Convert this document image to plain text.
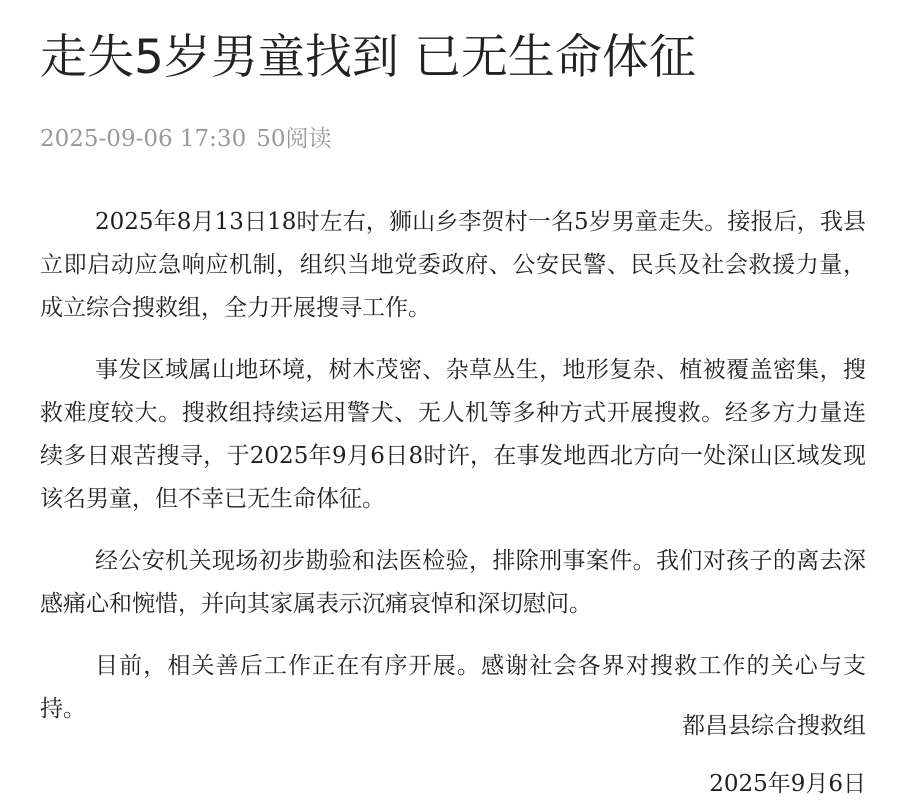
走失5岁男童找到 已无生命体征
2025-09-06 17:30 50阅读

2025年8月13日18时左右，狮山乡李贺村一名5岁男童走失。接报后，我县立即启动应急响应机制，组织当地党委政府、公安民警、民兵及社会救援力量，成立综合搜救组，全力开展搜寻工作。

事发区域属山地环境，树木茂密、杂草丛生，地形复杂、植被覆盖密集，搜救难度较大。搜救组持续运用警犬、无人机等多种方式开展搜救。经多方力量连续多日艰苦搜寻，于2025年9月6日8时许，在事发地西北方向一处深山区域发现该名男童，但不幸已无生命体征。

经公安机关现场初步勘验和法医检验，排除刑事案件。我们对孩子的离去深感痛心和惋惜，并向其家属表示沉痛哀悼和深切慰问。

目前，相关善后工作正在有序开展。感谢社会各界对搜救工作的关心与支持。

都昌县综合搜救组
2025年9月6日
